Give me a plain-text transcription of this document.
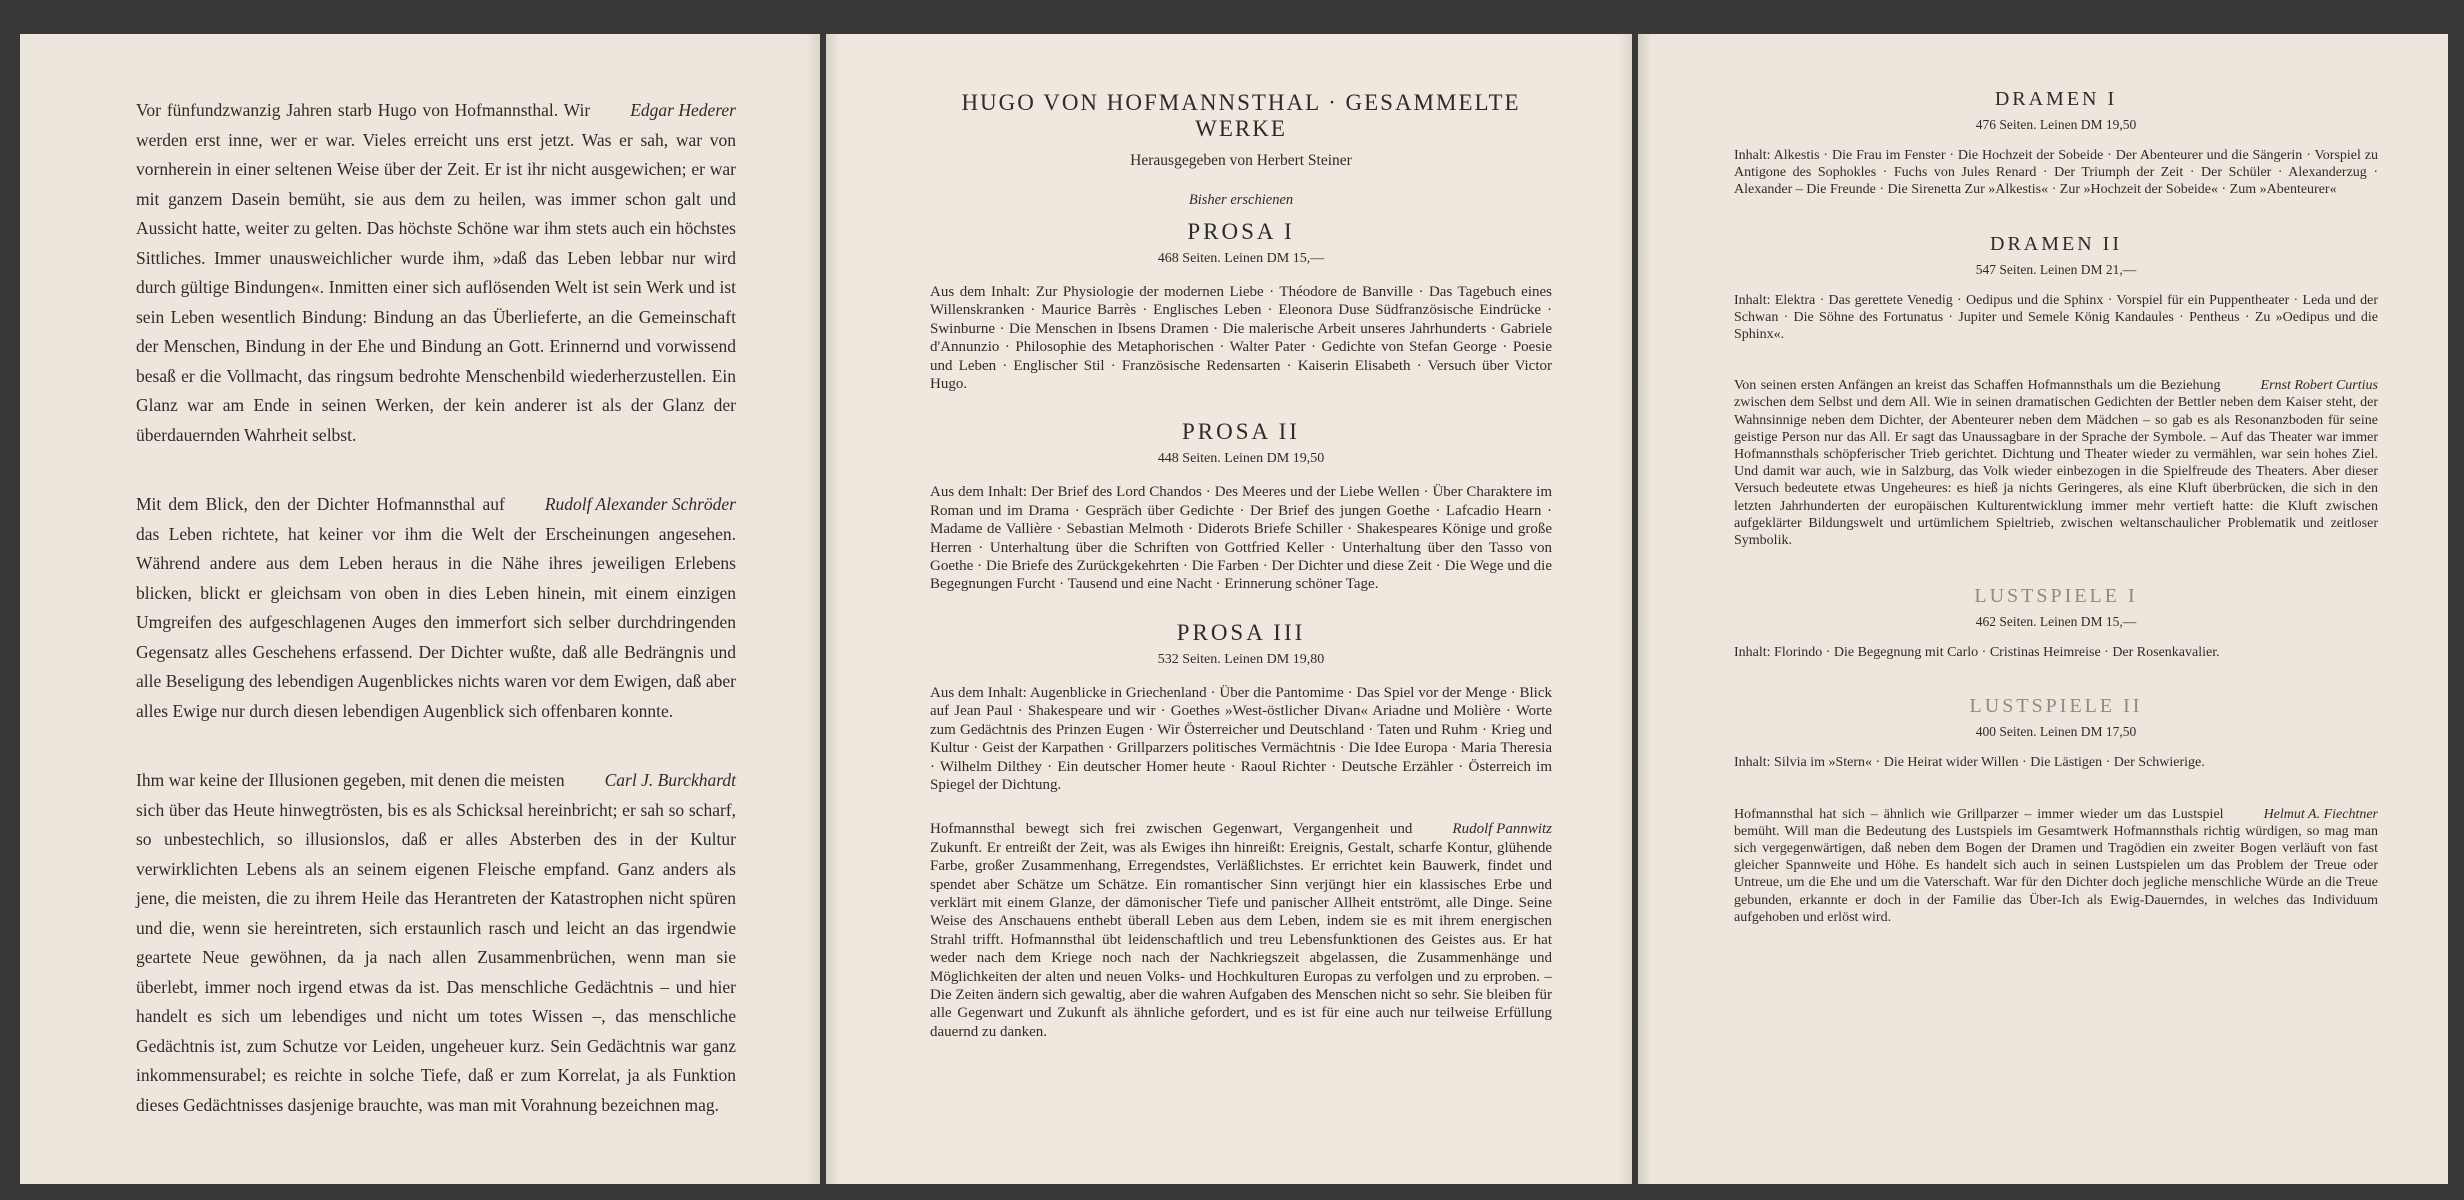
Edgar Hederer
Vor fünfundzwanzig Jahren starb Hugo von Hofmannsthal. Wir werden erst inne, wer er war. Vieles erreicht uns erst jetzt. Was er sah, war von vornherein in einer seltenen Weise über der Zeit. Er ist ihr nicht ausgewichen; er war mit ganzem Dasein bemüht, sie aus dem zu heilen, was immer schon galt und Aussicht hatte, weiter zu gelten. Das höchste Schöne war ihm stets auch ein höchstes Sittliches. Immer unausweichlicher wurde ihm, »daß das Leben lebbar nur wird durch gültige Bindungen«. Inmitten einer sich auflösenden Welt ist sein Werk und ist sein Leben wesentlich Bindung: Bindung an das Überlieferte, an die Gemeinschaft der Menschen, Bindung in der Ehe und Bindung an Gott. Erinnernd und vorwissend besaß er die Vollmacht, das ringsum bedrohte Menschenbild wiederherzustellen. Ein Glanz war am Ende in seinen Werken, der kein anderer ist als der Glanz der überdauernden Wahrheit selbst.

Rudolf Alexander Schröder
Mit dem Blick, den der Dichter Hofmannsthal auf das Leben richtete, hat keiner vor ihm die Welt der Erscheinungen angesehen. Während andere aus dem Leben heraus in die Nähe ihres jeweiligen Erlebens blicken, blickt er gleichsam von oben in dies Leben hinein, mit einem einzigen Umgreifen des aufgeschlagenen Auges den immerfort sich selber durchdringenden Gegensatz alles Geschehens erfassend. Der Dichter wußte, daß alle Bedrängnis und alle Beseligung des lebendigen Augenblickes nichts waren vor dem Ewigen, daß aber alles Ewige nur durch diesen lebendigen Augenblick sich offenbaren konnte.

Carl J. Burckhardt
Ihm war keine der Illusionen gegeben, mit denen die meisten sich über das Heute hinwegtrösten, bis es als Schicksal hereinbricht; er sah so scharf, so unbestechlich, so illusionslos, daß er alles Absterben des in der Kultur verwirklichten Lebens als an seinem eigenen Fleische empfand. Ganz anders als jene, die meisten, die zu ihrem Heile das Herantreten der Katastrophen nicht spüren und die, wenn sie hereintreten, sich erstaunlich rasch und leicht an das irgendwie geartete Neue gewöhnen, da ja nach allen Zusammenbrüchen, wenn man sie überlebt, immer noch irgend etwas da ist. Das menschliche Gedächtnis – und hier handelt es sich um lebendiges und nicht um totes Wissen –, das menschliche Gedächtnis ist, zum Schutze vor Leiden, ungeheuer kurz. Sein Gedächtnis war ganz inkommensurabel; es reichte in solche Tiefe, daß er zum Korrelat, ja als Funktion dieses Gedächtnisses dasjenige brauchte, was man mit Vorahnung bezeichnen mag.

HUGO VON HOFMANNSTHAL · GESAMMELTE WERKE
Herausgegeben von Herbert Steiner
Bisher erschienen
PROSA I
468 Seiten. Leinen DM 15,—
Aus dem Inhalt: Zur Physiologie der modernen Liebe · Théodore de Banville · Das Tagebuch eines Willenskranken · Maurice Barrès · Englisches Leben · Eleonora Duse Südfranzösische Eindrücke · Swinburne · Die Menschen in Ibsens Dramen · Die malerische Arbeit unseres Jahrhunderts · Gabriele d'Annunzio · Philosophie des Metaphorischen · Walter Pater · Gedichte von Stefan George · Poesie und Leben · Englischer Stil · Französische Redensarten · Kaiserin Elisabeth · Versuch über Victor Hugo.
PROSA II
448 Seiten. Leinen DM 19,50
Aus dem Inhalt: Der Brief des Lord Chandos · Des Meeres und der Liebe Wellen · Über Charaktere im Roman und im Drama · Gespräch über Gedichte · Der Brief des jungen Goethe · Lafcadio Hearn · Madame de Vallière · Sebastian Melmoth · Diderots Briefe Schiller · Shakespeares Könige und große Herren · Unterhaltung über die Schriften von Gottfried Keller · Unterhaltung über den Tasso von Goethe · Die Briefe des Zurückgekehrten · Die Farben · Der Dichter und diese Zeit · Die Wege und die Begegnungen Furcht · Tausend und eine Nacht · Erinnerung schöner Tage.
PROSA III
532 Seiten. Leinen DM 19,80
Aus dem Inhalt: Augenblicke in Griechenland · Über die Pantomime · Das Spiel vor der Menge · Blick auf Jean Paul · Shakespeare und wir · Goethes »West-östlicher Divan« Ariadne und Molière · Worte zum Gedächtnis des Prinzen Eugen · Wir Österreicher und Deutschland · Taten und Ruhm · Krieg und Kultur · Geist der Karpathen · Grillparzers politisches Vermächtnis · Die Idee Europa · Maria Theresia · Wilhelm Dilthey · Ein deutscher Homer heute · Raoul Richter · Deutsche Erzähler · Österreich im Spiegel der Dichtung.

Rudolf Pannwitz
Hofmannsthal bewegt sich frei zwischen Gegenwart, Vergangenheit und Zukunft. Er entreißt der Zeit, was als Ewiges ihn hinreißt: Ereignis, Gestalt, scharfe Kontur, glühende Farbe, großer Zusammenhang, Erregendstes, Verläßlichstes. Er errichtet kein Bauwerk, findet und spendet aber Schätze um Schätze. Ein romantischer Sinn verjüngt hier ein klassisches Erbe und verklärt mit einem Glanze, der dämonischer Tiefe und panischer Allheit entströmt, alle Dinge. Seine Weise des Anschauens enthebt überall Leben aus dem Leben, indem sie es mit ihrem energischen Strahl trifft. Hofmannsthal übt leidenschaftlich und treu Lebensfunktionen des Geistes aus. Er hat weder nach dem Kriege noch nach der Nachkriegszeit abgelassen, die Zusammenhänge und Möglichkeiten der alten und neuen Volks- und Hochkulturen Europas zu verfolgen und zu erproben. – Die Zeiten ändern sich gewaltig, aber die wahren Aufgaben des Menschen nicht so sehr. Sie bleiben für alle Gegenwart und Zukunft als ähnliche gefordert, und es ist für eine auch nur teilweise Erfüllung dauernd zu danken.

DRAMEN I
476 Seiten. Leinen DM 19,50
Inhalt: Alkestis · Die Frau im Fenster · Die Hochzeit der Sobeide · Der Abenteurer und die Sängerin · Vorspiel zu Antigone des Sophokles · Fuchs von Jules Renard · Der Triumph der Zeit · Der Schüler · Alexanderzug · Alexander – Die Freunde · Die Sirenetta Zur »Alkestis« · Zur »Hochzeit der Sobeide« · Zum »Abenteurer«
DRAMEN II
547 Seiten. Leinen DM 21,—
Inhalt: Elektra · Das gerettete Venedig · Oedipus und die Sphinx · Vorspiel für ein Puppentheater · Leda und der Schwan · Die Söhne des Fortunatus · Jupiter und Semele König Kandaules · Pentheus · Zu »Oedipus und die Sphinx«.

Ernst Robert Curtius
Von seinen ersten Anfängen an kreist das Schaffen Hofmannsthals um die Beziehung zwischen dem Selbst und dem All. Wie in seinen dramatischen Gedichten der Bettler neben dem Kaiser steht, der Wahnsinnige neben dem Dichter, der Abenteurer neben dem Mädchen – so gab es als Resonanzboden für seine geistige Person nur das All. Er sagt das Unaussagbare in der Sprache der Symbole. – Auf das Theater war immer Hofmannsthals schöpferischer Trieb gerichtet. Dichtung und Theater wieder zu vermählen, war sein hohes Ziel. Und damit war auch, wie in Salzburg, das Volk wieder einbezogen in die Spielfreude des Theaters. Aber dieser Versuch bedeutete etwas Ungeheures: es hieß ja nichts Geringeres, als eine Kluft überbrücken, die sich in den letzten Jahrhunderten der europäischen Kulturentwicklung immer mehr vertieft hatte: die Kluft zwischen aufgeklärter Bildungswelt und urtümlichem Spieltrieb, zwischen weltanschaulicher Problematik und zeitloser Symbolik.

LUSTSPIELE I
462 Seiten. Leinen DM 15,—
Inhalt: Florindo · Die Begegnung mit Carlo · Cristinas Heimreise · Der Rosenkavalier.
LUSTSPIELE II
400 Seiten. Leinen DM 17,50
Inhalt: Silvia im »Stern« · Die Heirat wider Willen · Die Lästigen · Der Schwierige.

Helmut A. Fiechtner
Hofmannsthal hat sich – ähnlich wie Grillparzer – immer wieder um das Lustspiel bemüht. Will man die Bedeutung des Lustspiels im Gesamtwerk Hofmannsthals richtig würdigen, so mag man sich vergegenwärtigen, daß neben dem Bogen der Dramen und Tragödien ein zweiter Bogen verläuft von fast gleicher Spannweite und Höhe. Es handelt sich auch in seinen Lustspielen um das Problem der Treue oder Untreue, um die Ehe und um die Vaterschaft. War für den Dichter doch jegliche menschliche Würde an die Treue gebunden, erkannte er doch in der Familie das Über-Ich als Ewig-Dauerndes, in welches das Individuum aufgehoben und erlöst wird.
